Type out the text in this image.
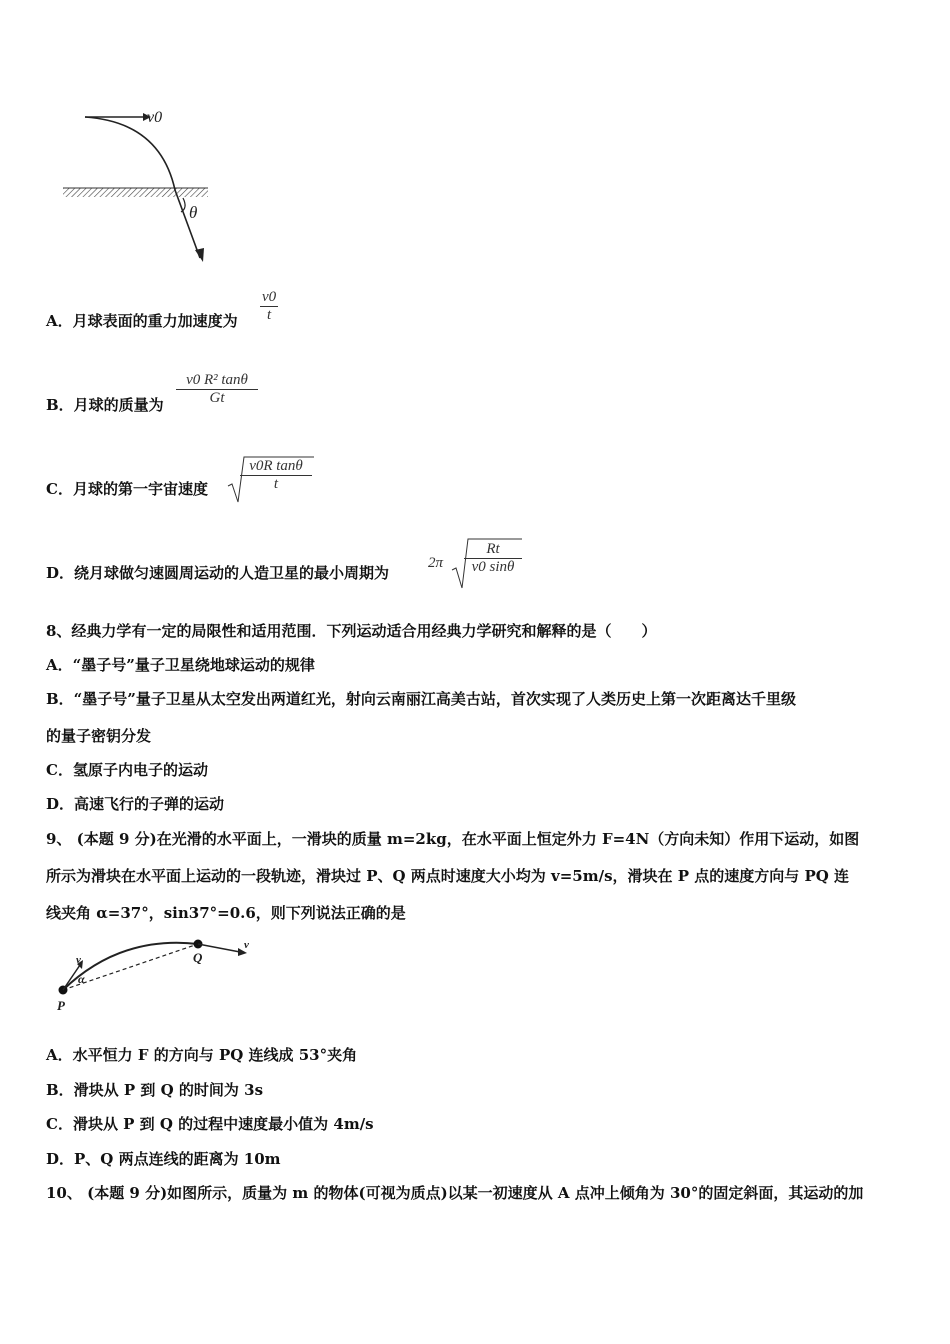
v0
θ
A．月球表面的重力加速度为
v0
t
B．月球的质量为
v0 R² tanθ
Gt
C．月球的第一宇宙速度
v0R tanθ
t
D．绕月球做匀速圆周运动的人造卫星的最小周期为
2π
Rt
v0 sinθ
8、经典力学有一定的局限性和适用范围．下列运动适合用经典力学研究和解释的是（　　）
A．“墨子号”量子卫星绕地球运动的规律
B．“墨子号”量子卫星从太空发出两道红光，射向云南丽江高美古站，首次实现了人类历史上第一次距离达千里级
的量子密钥分发
C．氢原子内电子的运动
D．高速飞行的子弹的运动
9、 (本题 9 分)在光滑的水平面上，一滑块的质量 m=2kg，在水平面上恒定外力 F=4N（方向未知）作用下运动，如图
所示为滑块在水平面上运动的一段轨迹，滑块过 P、Q 两点时速度大小均为 v=5m/s，滑块在 P 点的速度方向与 PQ 连
线夹角 α=37°，sin37°=0.6，则下列说法正确的是
v
v
α
P
Q
A．水平恒力 F 的方向与 PQ 连线成 53°夹角
B．滑块从 P 到 Q 的时间为 3s
C．滑块从 P 到 Q 的过程中速度最小值为 4m/s
D．P、Q 两点连线的距离为 10m
10、 (本题 9 分)如图所示，质量为 m 的物体(可视为质点)以某一初速度从 A 点冲上倾角为 30°的固定斜面，其运动的加
